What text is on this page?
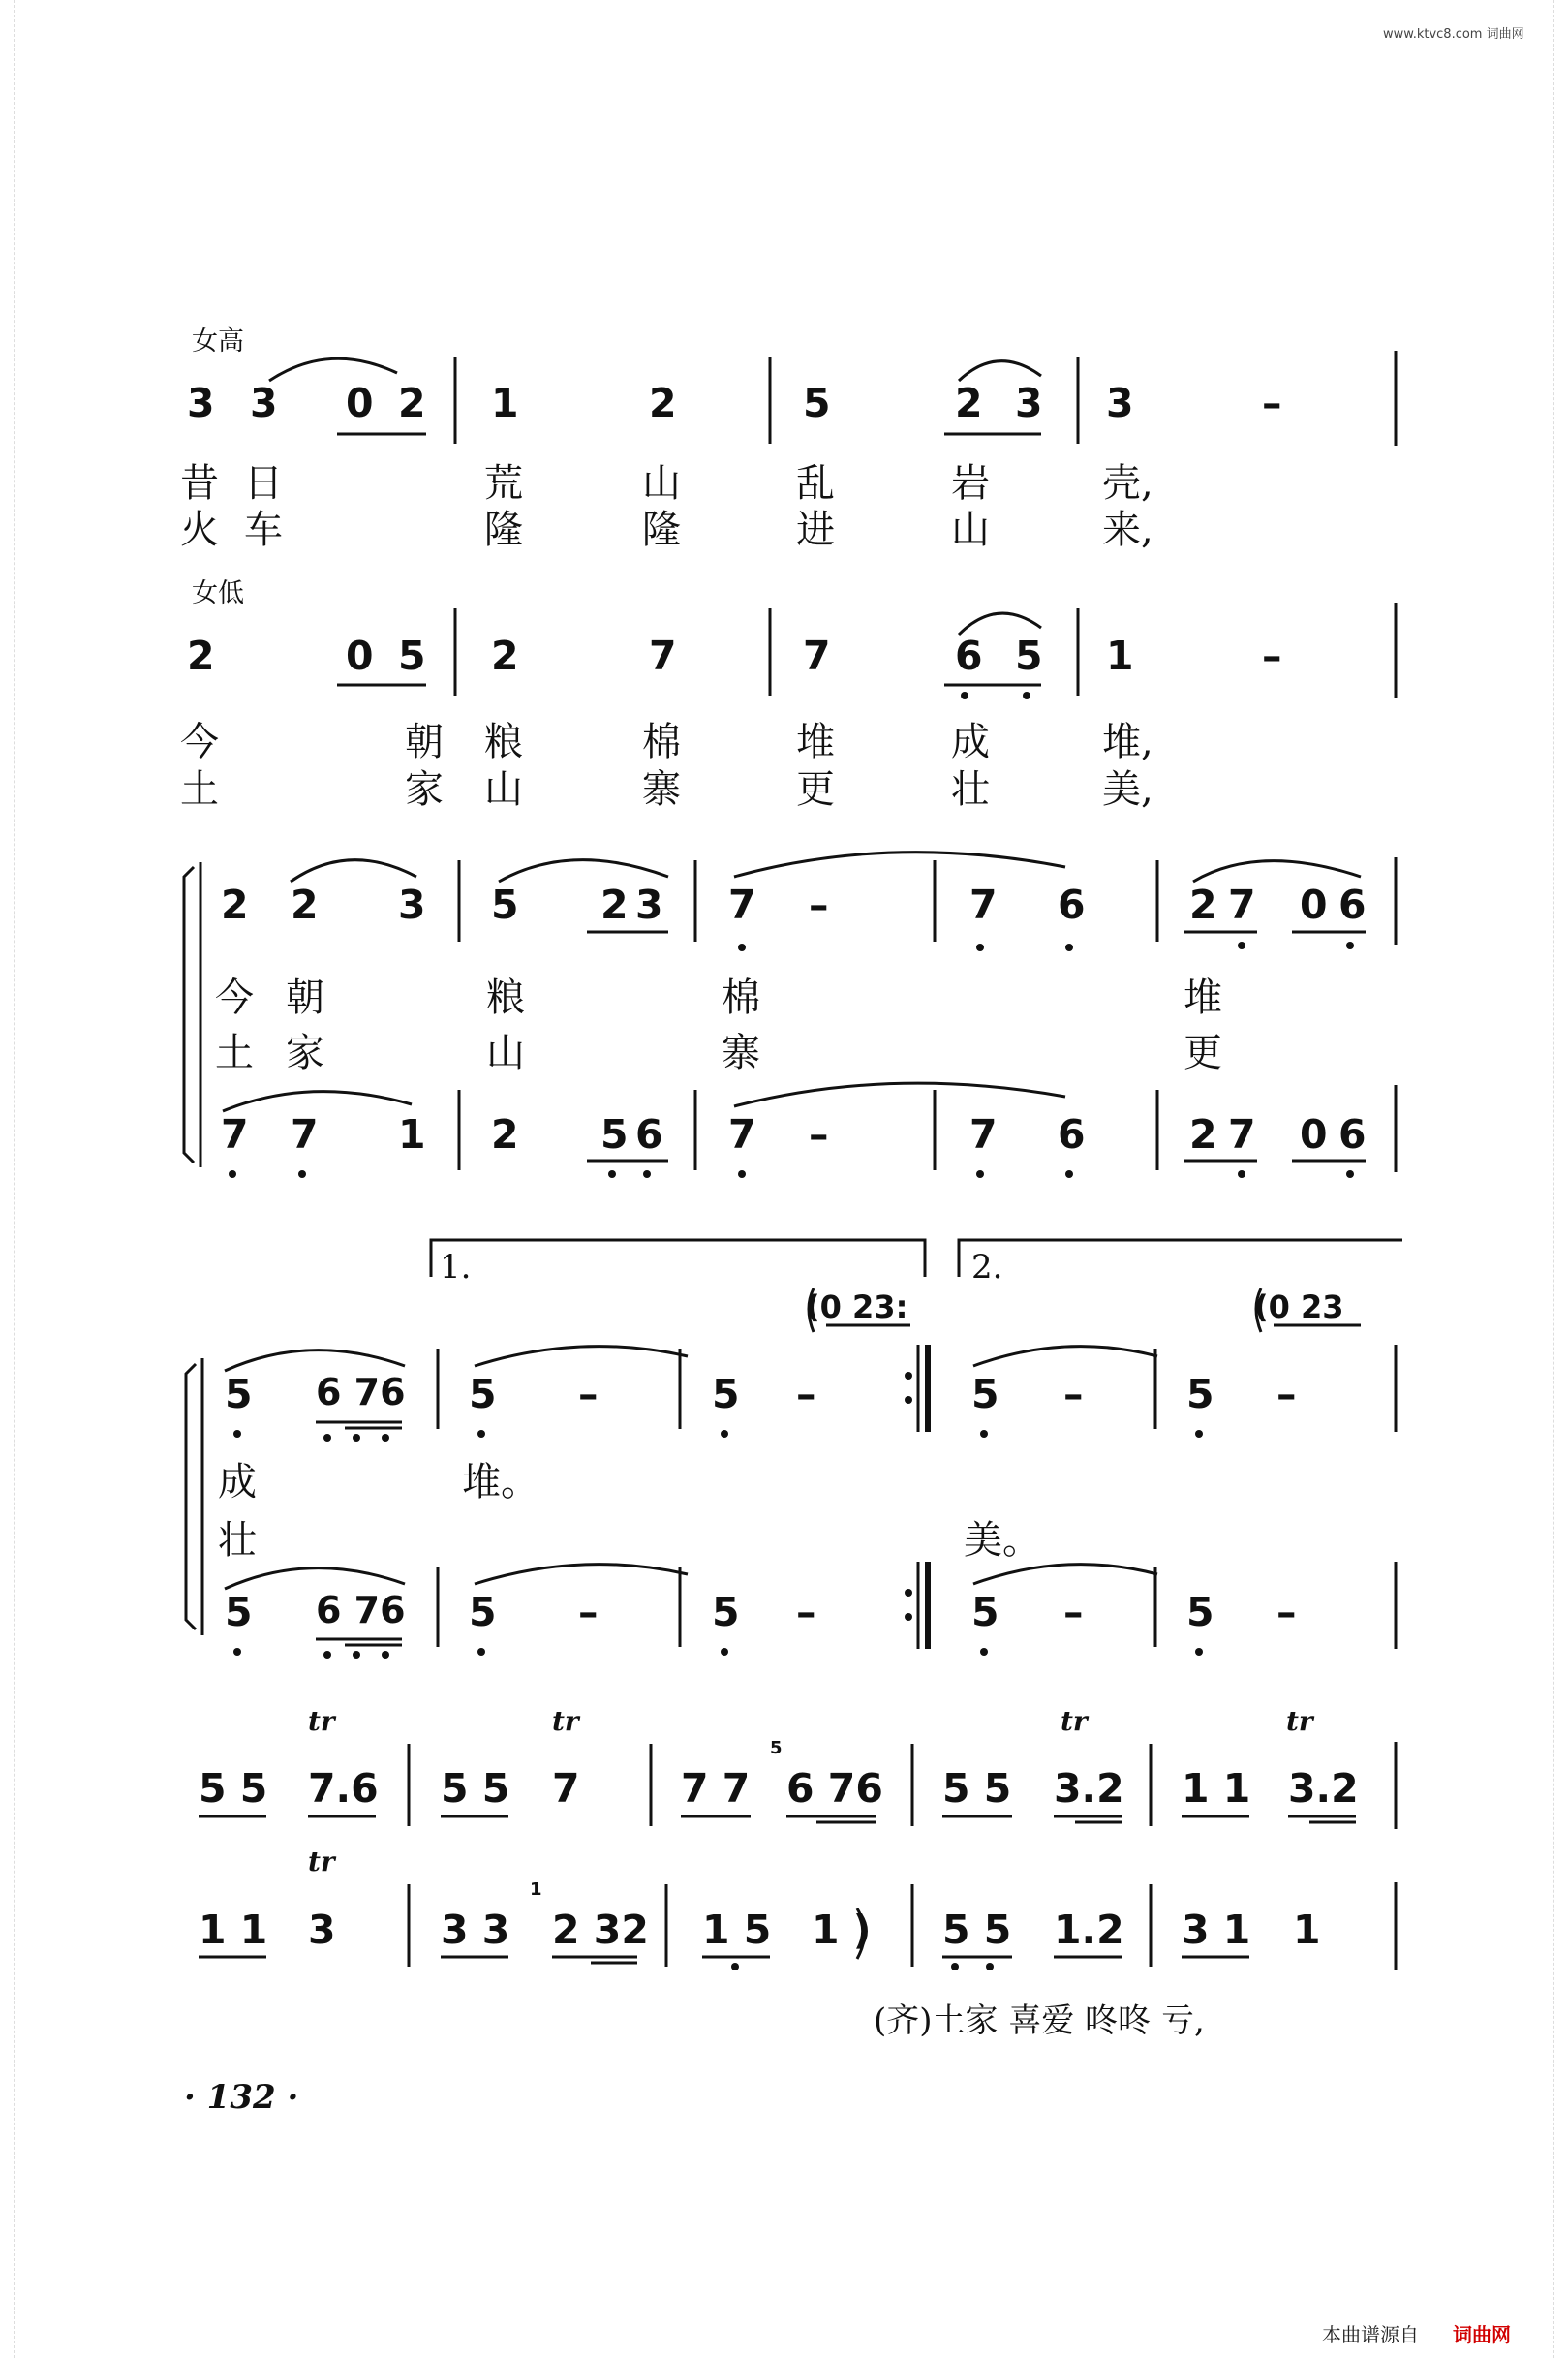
www.ktvc8.com 词曲网
女高
3 3 0 2 1	2	5	2 3 3	–
昔 日	荒	山	乱	岩	壳,
火 车	隆	隆	进	山	来,
女低
2	0 5 2	7	7	6 5 1	–
今	朝 粮	棉	堆	成	堆,
土	家 山	寨	更	壮	美,
2 2 3 5 2 3 7 –	7 6	2 7 0 6
今 朝	粮	棉	堆
土 家	山	寨	更
7 7 1 2 5 6 7 –	7 6	2 7 0 6
1.	2.
(0 23:	(0 23
5 6 76 5 –	5 –	5 –	5 –
成	堆。
壮	美。
5 6 76 5 –	5 –	5 –	5 –
tr	tr	tr	tr
5 5 7.6 5 5 7	7 7
5
6 76 5 5 3.2 1 1 3.2
tr
1 1 3	3 3
1
2 32 1 5 1 ) 5 5 1.2 3 1 1
(齐)土家 喜爱 咚咚 亏,
· 132 ·
本曲谱源自 词曲网
